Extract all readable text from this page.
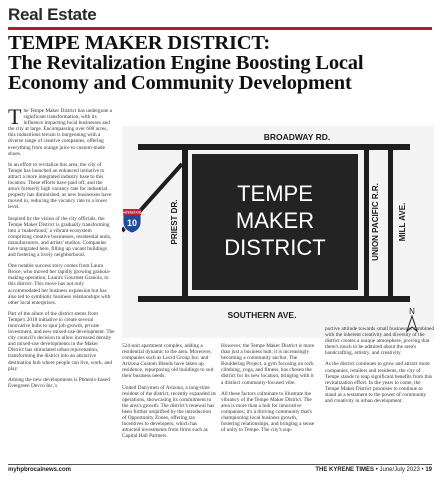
Real Estate
TEMPE MAKER DISTRICT:
The Revitalization Engine Boosting Local
Economy and Community Development

The Tempe Maker District has undergone a significant transformation, with its influence impacting local businesses and the city at large. Encompassing over 600 acres, this industrious terrain is burgeoning with a diverse range of creative companies, offering everything from orange juice to custom-made shoes.

In an effort to revitalize this area, the city of Tempe has launched an enhanced initiative to attract a more integrated industry base to this location. These efforts have paid off, and the area's formerly high vacancy rate for industrial property has diminished, as new businesses have moved in, reducing the vacancy rate to a lower level.

Inspired by the vision of the city officials, the Tempe Maker District is gradually transforming into a 'makerhood,' a vibrant ecosystem comprising creative businesses, residential units, manufacturers, and artists' studios. Companies have migrated here, filling up vacant buildings and fostering a lively neighborhood.

One notable success story comes from Laura Broce, who moved her rapidly growing granola-making operation, Laura's Gourmet Granola, to this district. This move has not only accommodated her business expansion but has also led to symbiotic business relationships with other local enterprises.

Part of the allure of the district stems from Tempe's 2018 initiative to create several innovative hubs to spur job growth, private investment, and new mixed-use development. The city council's decision to allow increased density and mixed-use developments in the Maker District has stimulated urban rejuvenation, transforming the district into an attractive destination hub where people can live, work, and play.

Among the new developments is Phoenix-based Evergreen Devco Inc.'s

TEMPE
MAKER
DISTRICT
BROADWAY RD.
SOUTHERN AVE.
PRIEST DR.	UNION PACIFIC R.R. MILL AVE.
INTERSTATE
10
N

524-unit apartment complex, adding a residential dynamic to the area. Moreover, companies such as Lucid Group Inc. and Arizona Custom Blends have taken up residence, repurposing old buildings to suit their business needs.

United Dairymen of Arizona, a long-time resident of the district, recently expanded its operations, showcasing its commitment to the area's growth. The district's renewal has been further amplified by the introduction of Opportunity Zones, offering tax incentives to developers, which has attracted investments from firms such as Capital Hall Partners.

However, the Tempe Maker District is more than just a business hub; it is increasingly becoming a community anchor. The Bouldering Project, a gym focusing on rock climbing, yoga, and fitness, has chosen the district for its new location, bringing with it a distinct community-focused vibe.

All these factors culminate to illustrate the vibrancy of the Tempe Maker District. The area is more than a hub for innovative companies; it's a thriving community that's championing local business growth, fostering relationships, and bringing a sense of unity to Tempe. The city's sup-

portive attitude towards small businesses combined with the inherent creativity and diversity of the district creates a unique atmosphere, proving that there's much to be admired about the area's handcrafting, artistry, and creativity.

As the district continues to grow and attract more companies, retailers and residents, the city of Tempe stands to reap significant benefits from this revitalization effort. In the years to come, the Tempe Maker District promises to continue to stand as a testament to the power of community and creativity in urban development.

myhpbrocalnews.com	THE KYRENE TIMES • June/July 2023 • 19
